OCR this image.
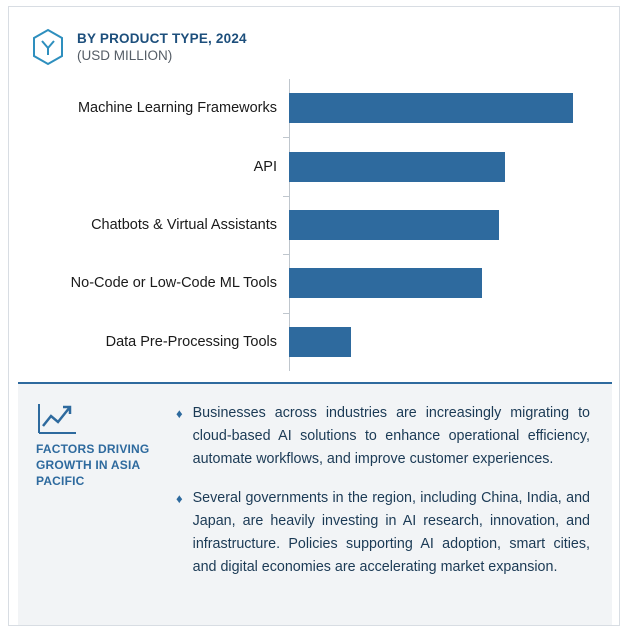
BY PRODUCT TYPE, 2024
(USD MILLION)
Machine Learning Frameworks
API
Chatbots & Virtual Assistants
No-Code or Low-Code ML Tools
Data Pre-Processing Tools
FACTORS DRIVING GROWTH IN ASIA PACIFIC
♦ Businesses across industries are increasingly migrating to cloud-based AI solutions to enhance operational efficiency, automate workflows, and improve customer experiences.
♦ Several governments in the region, including China, India, and Japan, are heavily investing in AI research, innovation, and infrastructure. Policies supporting AI adoption, smart cities, and digital economies are accelerating market expansion.
